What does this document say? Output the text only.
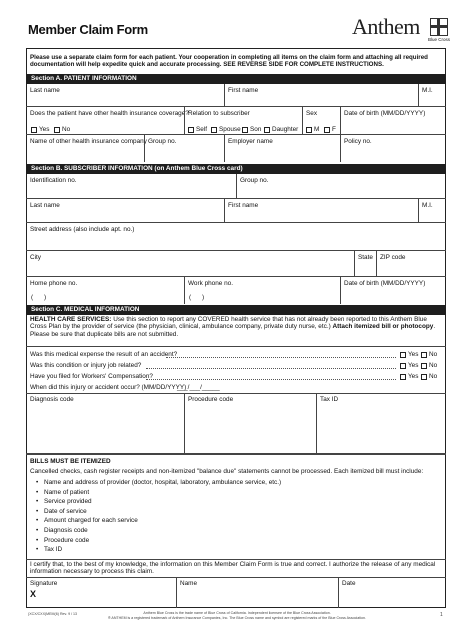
Member Claim Form	Anthem
Blue Cross
Please use a separate claim form for each patient. Your cooperation in completing all items on the claim form and attaching all required documentation will help expedite quick and accurate processing. SEE REVERSE SIDE FOR COMPLETE INSTRUCTIONS.
Section A. PATIENT INFORMATION
Last name	First name	M.I.
Does the patient have other health insurance coverage?
Yes No
Relation to subscriber
Self Spouse Son Daughter
Sex
M F
Date of birth (MM/DD/YYYY)
Name of other health insurance company Group no.	Employer name	Policy no.
Section B. SUBSCRIBER INFORMATION (on Anthem Blue Cross card)
Identification no.	Group no.
Last name	First name	M.I.
Street address (also include apt. no.)
City	State ZIP code
Home phone no.
( )
Work phone no.
( )
Date of birth (MM/DD/YYYY)
Section C. MEDICAL INFORMATION
HEALTH CARE SERVICES: Use this section to report any COVERED health service that has not already been reported to this Anthem Blue Cross Plan by the provider of service (the physician, clinical, ambulance company, private duty nurse, etc.) Attach itemized bill or photocopy. Please be sure that duplicate bills are not submitted.
Was this medical expense the result of an accident?	Yes No
Was this condition or injury job related?	Yes No
Have you filed for Workers' Compensation?	Yes No
When did this injury or accident occur? (MM/DD/YYYY)
___/___/_____
Diagnosis code	Procedure code	Tax ID
BILLS MUST BE ITEMIZED
Cancelled checks, cash register receipts and non-itemized "balance due" statements cannot be processed. Each itemized bill must include:
• Name and address of provider (doctor, hospital, laboratory, ambulance service, etc.)
• Name of patient
• Service provided
• Date of service
• Amount charged for each service
• Diagnosis code
• Procedure code
• Tax ID
I certify that, to the best of my knowledge, the information on this Member Claim Form is true and correct. I authorize the release of any medical information necessary to process this claim.
Signature
X
Name	Date
(XCX/CXX)MEM(6) Rev. 9 / 13	Anthem Blue Cross is the trade name of Blue Cross of California. Independent licensee of the Blue Cross Association.
® ANTHEM is a registered trademark of Anthem Insurance Companies, Inc. The Blue Cross name and symbol are registered marks of the Blue Cross Association.	1
